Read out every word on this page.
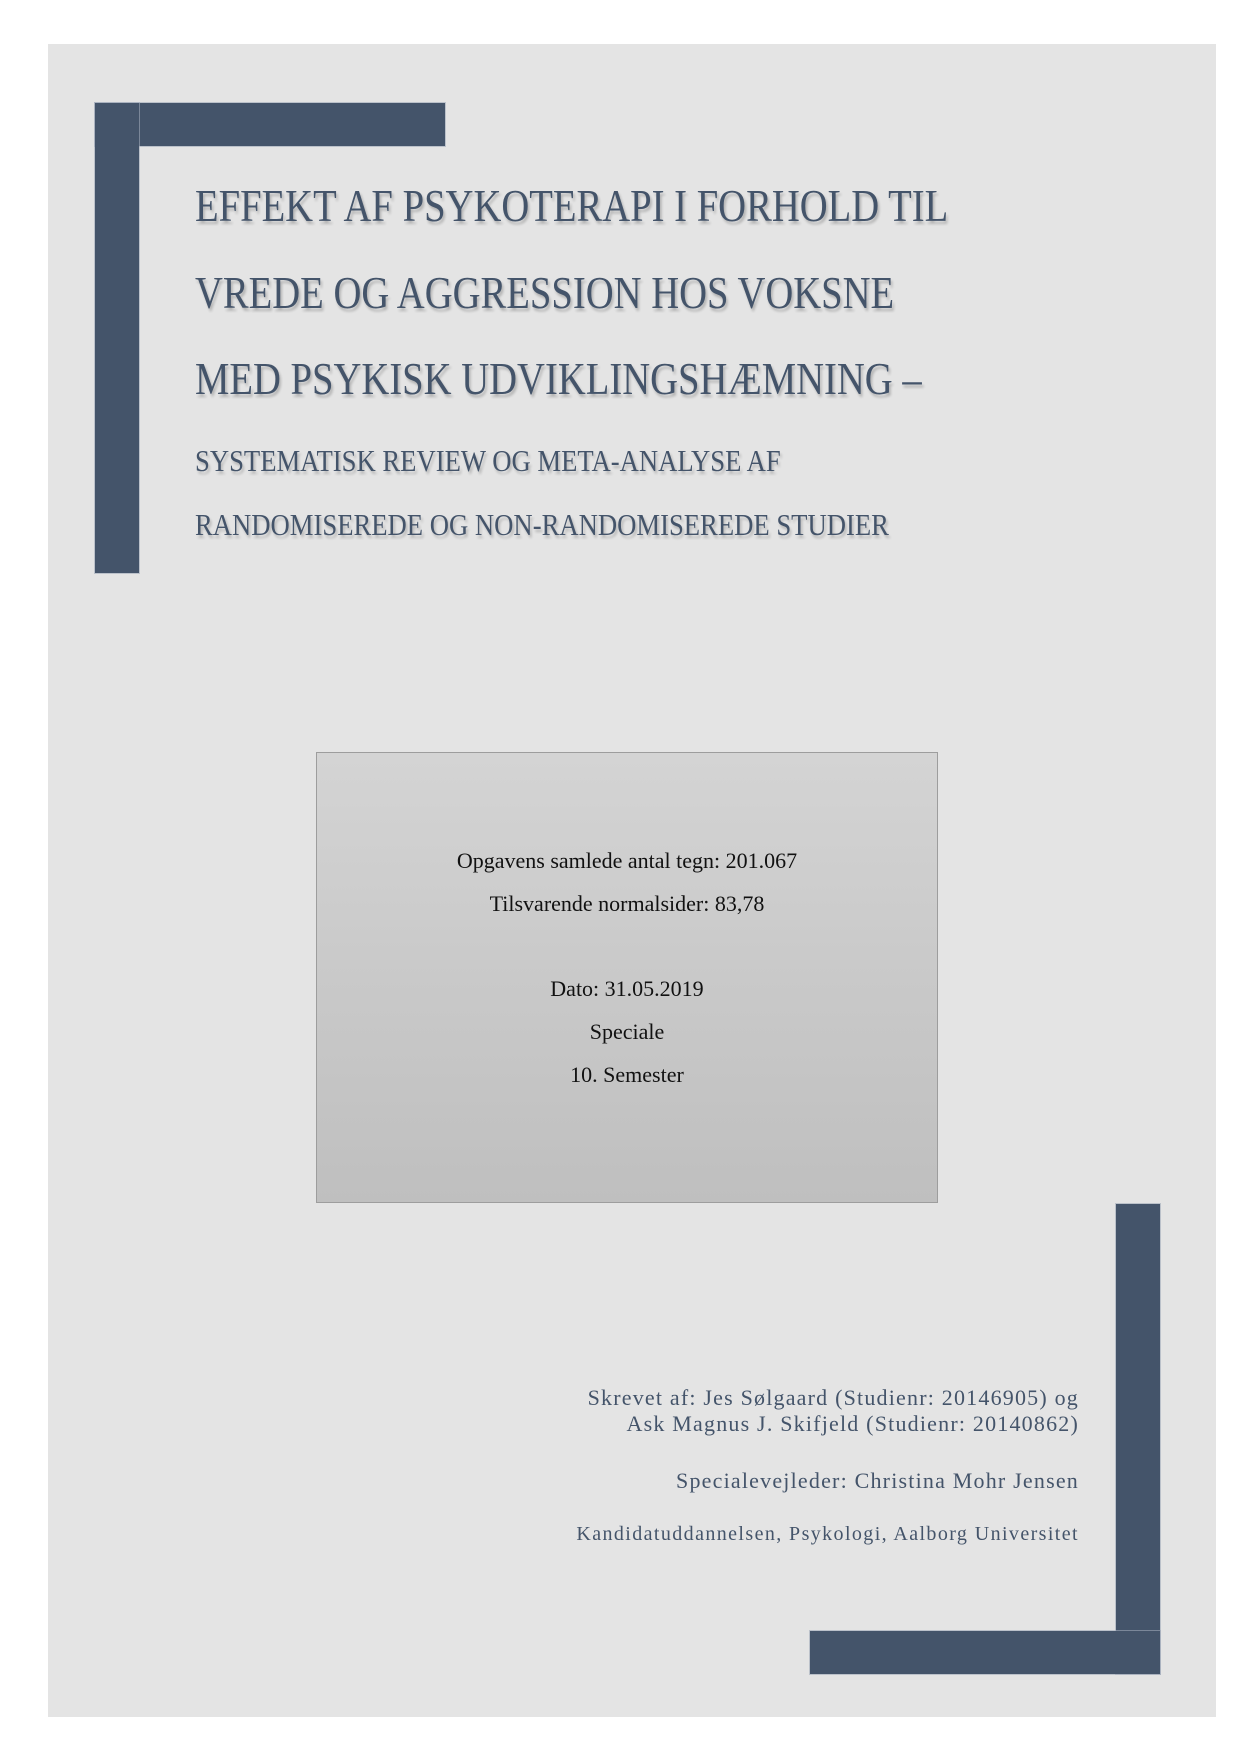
EFFEKT AF PSYKOTERAPI I FORHOLD TIL
VREDE OG AGGRESSION HOS VOKSNE
MED PSYKISK UDVIKLINGSHÆMNING –
SYSTEMATISK REVIEW OG META-ANALYSE AF
RANDOMISEREDE OG NON-RANDOMISEREDE STUDIER
Opgavens samlede antal tegn: 201.067
Tilsvarende normalsider: 83,78
Dato: 31.05.2019
Speciale
10. Semester
Skrevet af: Jes Sølgaard (Studienr: 20146905) og
Ask Magnus J. Skifjeld (Studienr: 20140862)
Specialevejleder: Christina Mohr Jensen
Kandidatuddannelsen, Psykologi, Aalborg Universitet
